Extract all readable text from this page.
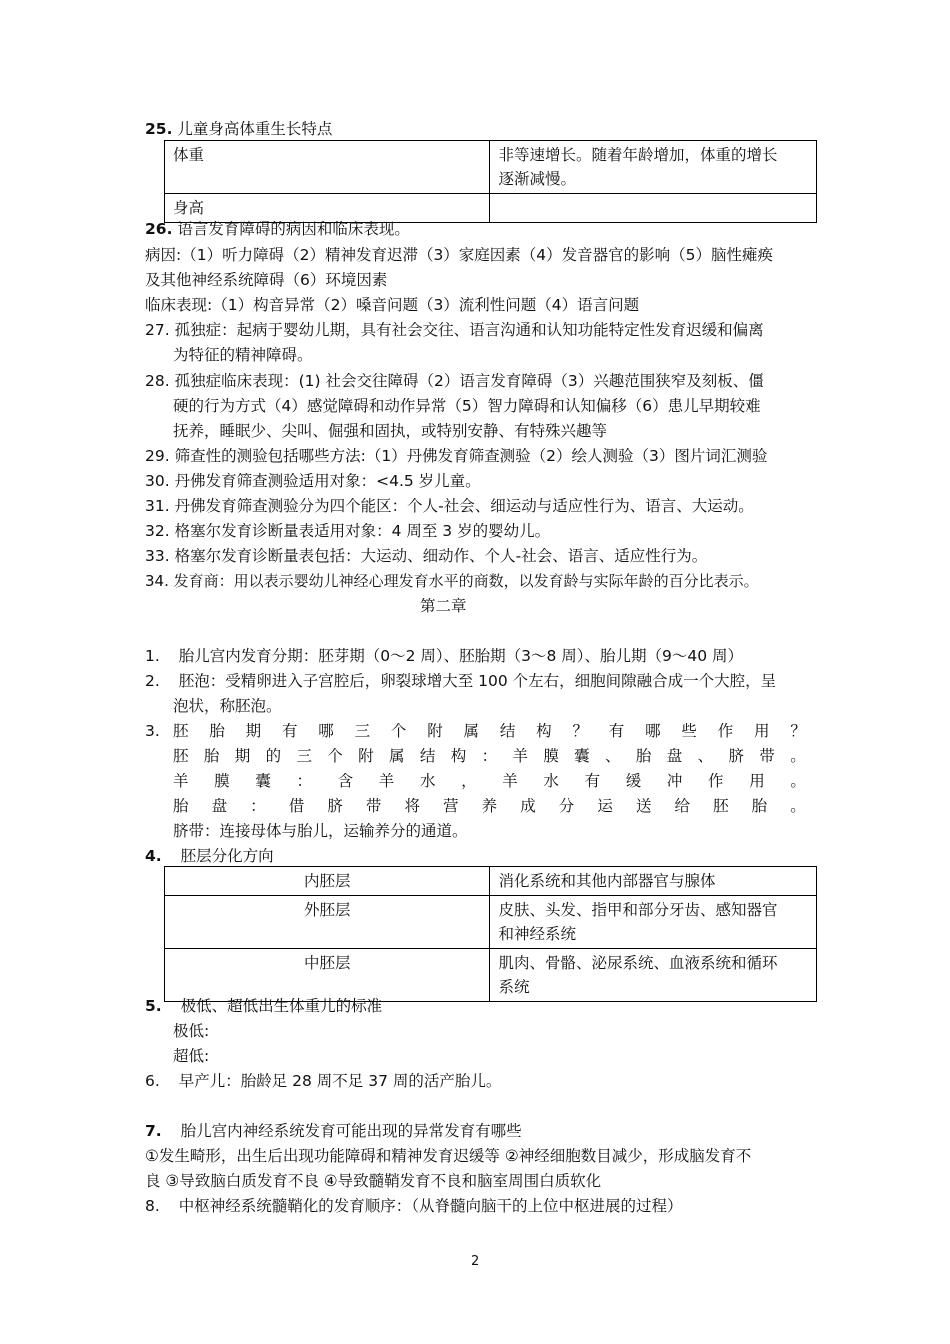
25. 儿童身高体重生长特点
体重	非等速增长。随着年龄增加，体重的增长
逐渐减慢。

身高	
26. 语言发育障碍的病因和临床表现。
病因:（1）听力障碍（2）精神发育迟滞（3）家庭因素（4）发音器官的影响（5）脑性瘫痪
及其他神经系统障碍（6）环境因素
临床表现:（1）构音异常（2）嗓音问题（3）流利性问题（4）语言问题
27. 孤独症：起病于婴幼儿期，具有社会交往、语言沟通和认知功能特定性发育迟缓和偏离
为特征的精神障碍。
28. 孤独症临床表现：(1) 社会交往障碍（2）语言发育障碍（3）兴趣范围狭窄及刻板、僵
硬的行为方式（4）感觉障碍和动作异常（5）智力障碍和认知偏移（6）患儿早期较难
抚养，睡眠少、尖叫、倔强和固执，或特别安静、有特殊兴趣等
29. 筛查性的测验包括哪些方法:（1）丹佛发育筛查测验（2）绘人测验（3）图片词汇测验
30. 丹佛发育筛查测验适用对象：<4.5 岁儿童。
31. 丹佛发育筛查测验分为四个能区：个人-社会、细运动与适应性行为、语言、大运动。
32. 格塞尔发育诊断量表适用对象：4 周至 3 岁的婴幼儿。
33. 格塞尔发育诊断量表包括：大运动、细动作、个人-社会、语言、适应性行为。
34. 发育商：用以表示婴幼儿神经心理发育水平的商数，以发育龄与实际年龄的百分比表示。
第二章
1. 胎儿宫内发育分期：胚芽期（0～2 周）、胚胎期（3～8 周）、胎儿期（9～40 周）
2. 胚泡：受精卵进入子宫腔后，卵裂球增大至 100 个左右，细胞间隙融合成一个大腔，呈
泡状，称胚泡。
3. 胚 胎 期 有 哪 三 个 附 属 结 构 ？ 有 哪 些 作 用 ？
胚 胎 期 的 三 个 附 属 结 构 ： 羊 膜 囊 、 胎 盘 、 脐 带 。
羊 膜 囊 ： 含 羊 水 ， 羊 水 有 缓 冲 作 用 。
胎 盘 ： 借 脐 带 将 营 养 成 分 运 送 给 胚 胎 。
脐带：连接母体与胎儿，运输养分的通道。
4. 胚层分化方向
内胚层	消化系统和其他内部器官与腺体
外胚层	皮肤、头发、指甲和部分牙齿、感知器官
和神经系统

中胚层	肌肉、骨骼、泌尿系统、血液系统和循环
系统
5. 极低、超低出生体重儿的标准
极低:
超低:
6. 早产儿：胎龄足 28 周不足 37 周的活产胎儿。
7. 胎儿宫内神经系统发育可能出现的异常发育有哪些
①发生畸形，出生后出现功能障碍和精神发育迟缓等 ②神经细胞数目减少，形成脑发育不
良 ③导致脑白质发育不良 ④导致髓鞘发育不良和脑室周围白质软化
8. 中枢神经系统髓鞘化的发育顺序：（从脊髓向脑干的上位中枢进展的过程）
2
